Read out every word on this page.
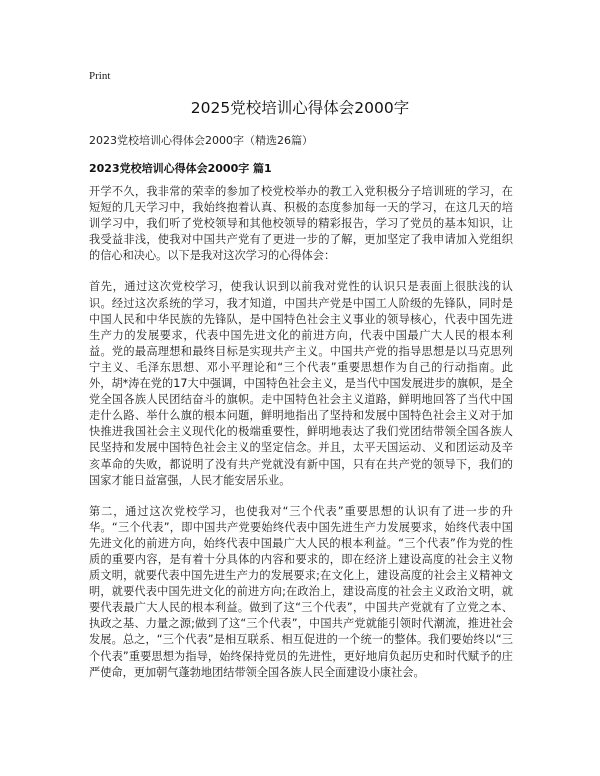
Print
2025党校培训心得体会2000字
2023党校培训心得体会2000字（精选26篇）
2023党校培训心得体会2000字 篇1

开学不久，我非常的荣幸的参加了校党校举办的教工入党积极分子培训班的学习，在短短的几天学习中，我始终抱着认真、积极的态度参加每一天的学习，在这几天的培训学习中，我们听了党校领导和其他校领导的精彩报告，学习了党员的基本知识，让我受益非浅，使我对中国共产党有了更进一步的了解，更加坚定了我申请加入党组织的信心和决心。以下是我对这次学习的心得体会：

首先，通过这次党校学习，使我认识到以前我对党性的认识只是表面上很肤浅的认识。经过这次系统的学习，我才知道，中国共产党是中国工人阶级的先锋队，同时是中国人民和中华民族的先锋队，是中国特色社会主义事业的领导核心，代表中国先进生产力的发展要求，代表中国先进文化的前进方向，代表中国最广大人民的根本利益。党的最高理想和最终目标是实现共产主义。中国共产党的指导思想是以马克思列宁主义、毛泽东思想、邓小平理论和“三个代表”重要思想作为自己的行动指南。此外，胡*涛在党的17大中强调，中国特色社会主义，是当代中国发展进步的旗帜，是全党全国各族人民团结奋斗的旗帜。走中国特色社会主义道路，鲜明地回答了当代中国走什么路、举什么旗的根本问题，鲜明地指出了坚持和发展中国特色社会主义对于加快推进我国社会主义现代化的极端重要性，鲜明地表达了我们党团结带领全国各族人民坚持和发展中国特色社会主义的坚定信念。并且，太平天国运动、义和团运动及辛亥革命的失败，都说明了没有共产党就没有新中国，只有在共产党的领导下，我们的国家才能日益富强，人民才能安居乐业。

第二，通过这次党校学习，也使我对“三个代表”重要思想的认识有了进一步的升华。“三个代表”，即中国共产党要始终代表中国先进生产力发展要求，始终代表中国先进文化的前进方向，始终代表中国最广大人民的根本利益。“三个代表”作为党的性质的重要内容，是有着十分具体的内容和要求的，即在经济上建设高度的社会主义物质文明，就要代表中国先进生产力的发展要求;在文化上，建设高度的社会主义精神文明，就要代表中国先进文化的前进方向;在政治上，建设高度的社会主义政治文明，就要代表最广大人民的根本利益。做到了这“三个代表”，中国共产党就有了立党之本、执政之基、力量之源;做到了这“三个代表”，中国共产党就能引领时代潮流，推进社会发展。总之，“三个代表”是相互联系、相互促进的一个统一的整体。我们要始终以“三个代表”重要思想为指导，始终保持党员的先进性，更好地肩负起历史和时代赋予的庄严使命，更加朝气蓬勃地团结带领全国各族人民全面建设小康社会。
